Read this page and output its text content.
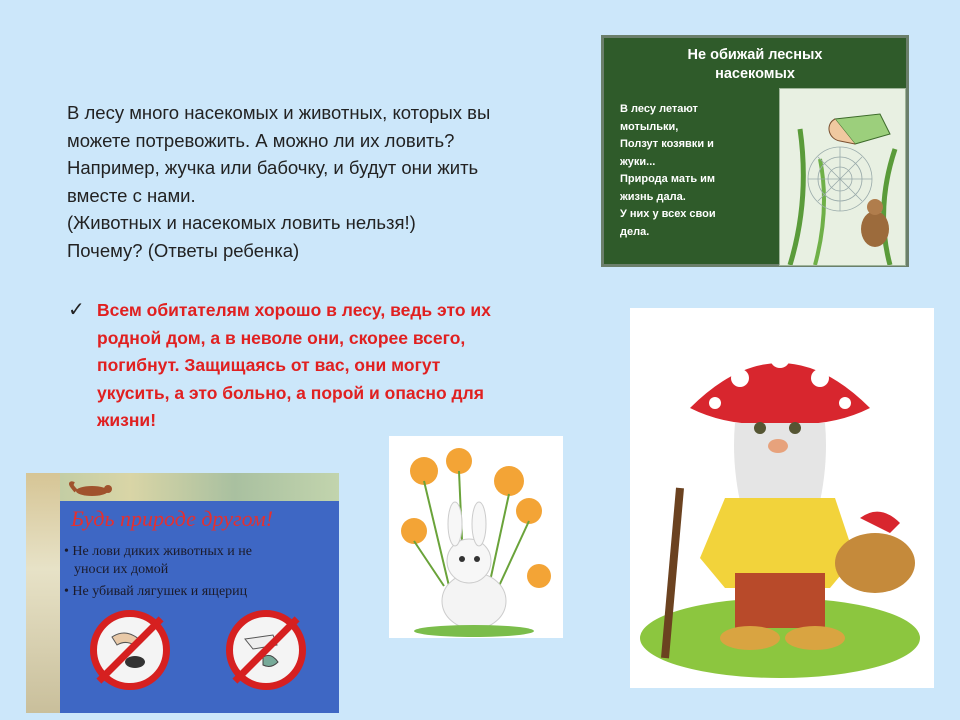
В лесу много насекомых и животных, которых вы

можете потревожить. А можно ли их ловить?

Например, жучка или бабочку, и будут они жить

вместе с нами.

(Животных и насекомых ловить нельзя!)

Почему? (Ответы ребенка)

✓ Всем обитателям хорошо в лесу, ведь это их
родной дом, а в неволе они, скорее всего,
погибнут. Защищаясь от вас, они могут
укусить, а это больно, а порой и опасно для
жизни!
Не обижай лесных
насекомых
В лесу летают
мотыльки,
Ползут козявки и
жуки...
Природа мать им
жизнь дала.
У них у всех свои
дела.
Будь природе другом!
• Не лови диких животных и не
уноси их домой
• Не убивай лягушек и ящериц
